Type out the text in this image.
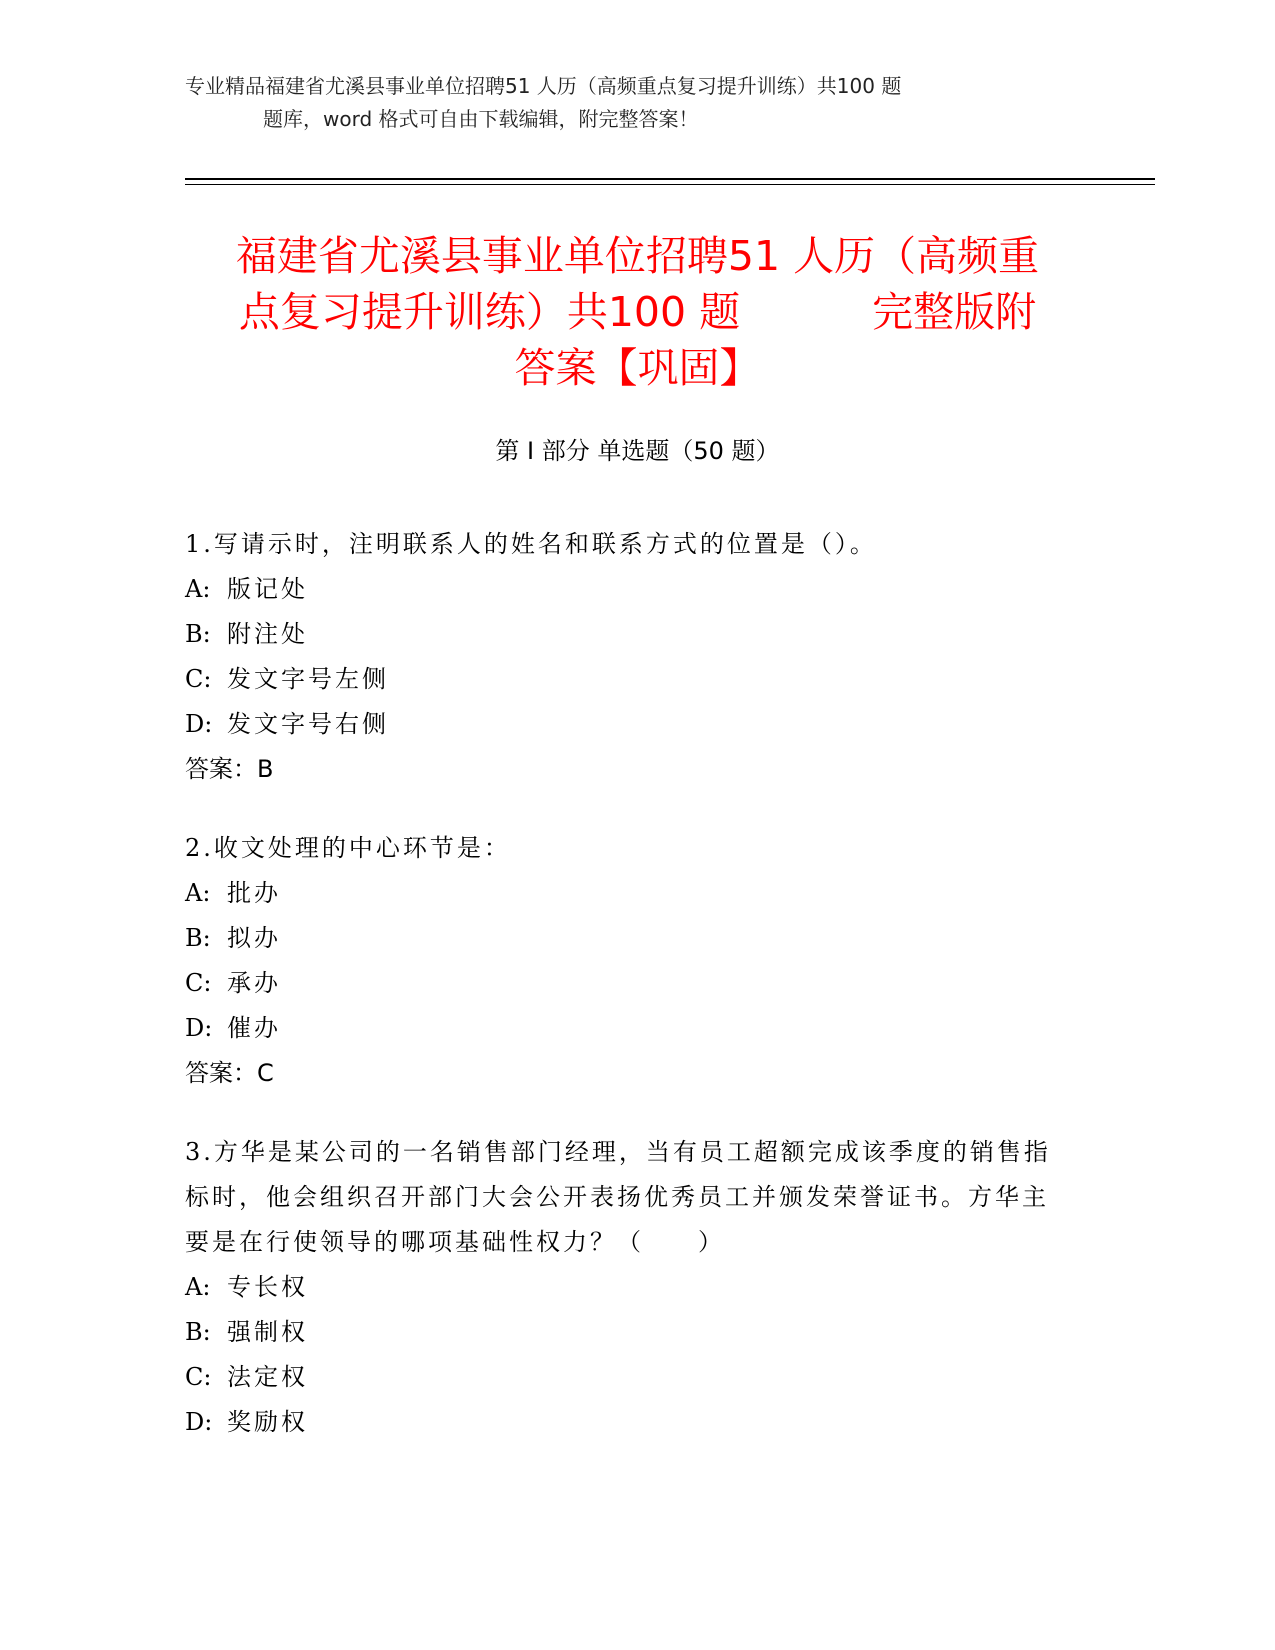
专业精品福建省尤溪县事业单位招聘51 人历（高频重点复习提升训练）共100 题
题库，word 格式可自由下载编辑，附完整答案！
福建省尤溪县事业单位招聘51 人历（高频重
点复习提升训练）共100 题	完整版附
答案【巩固】
第 I 部分 单选题（50 题）
1.写请示时，注明联系人的姓名和联系方式的位置是（）。
A: 版记处
B: 附注处
C: 发文字号左侧
D: 发文字号右侧
答案：B
2.收文处理的中心环节是：
A: 批办
B: 拟办
C: 承办
D: 催办
答案：C
3.方华是某公司的一名销售部门经理，当有员工超额完成该季度的销售指标时，他会组织召开部门大会公开表扬优秀员工并颁发荣誉证书。方华主要是在行使领导的哪项基础性权力？（　　）
A: 专长权
B: 强制权
C: 法定权
D: 奖励权
